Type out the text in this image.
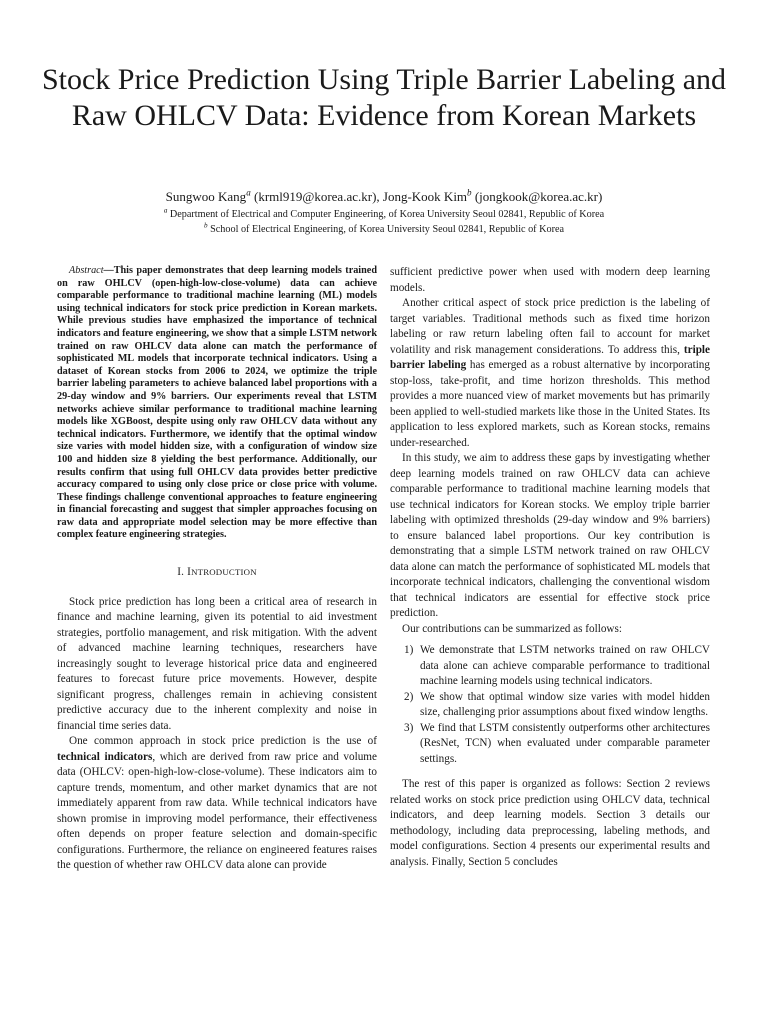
Stock Price Prediction Using Triple Barrier Labeling and Raw OHLCV Data: Evidence from Korean Markets
Sungwoo Kang$^a$ (krml919@korea.ac.kr), Jong-Kook Kim$^b$ (jongkook@korea.ac.kr)
$^a$ Department of Electrical and Computer Engineering, of Korea University Seoul 02841, Republic of Korea
$^b$ School of Electrical Engineering, of Korea University Seoul 02841, Republic of Korea

Abstract—This paper demonstrates that deep learning models trained on raw OHLCV (open-high-low-close-volume) data can achieve comparable performance to traditional machine learning (ML) models using technical indicators for stock price prediction in Korean markets. While previous studies have emphasized the importance of technical indicators and feature engineering, we show that a simple LSTM network trained on raw OHLCV data alone can match the performance of sophisticated ML models that incorporate technical indicators. Using a dataset of Korean stocks from 2006 to 2024, we optimize the triple barrier labeling parameters to achieve balanced label proportions with a 29-day window and 9% barriers. Our experiments reveal that LSTM networks achieve similar performance to traditional machine learning models like XGBoost, despite using only raw OHLCV data without any technical indicators. Furthermore, we identify that the optimal window size varies with model hidden size, with a configuration of window size 100 and hidden size 8 yielding the best performance. Additionally, our results confirm that using full OHLCV data provides better predictive accuracy compared to using only close price or close price with volume. These findings challenge conventional approaches to feature engineering in financial forecasting and suggest that simpler approaches focusing on raw data and appropriate model selection may be more effective than complex feature engineering strategies.

I. INTRODUCTION

Stock price prediction has long been a critical area of research in finance and machine learning, given its potential to aid investment strategies, portfolio management, and risk mitigation. With the advent of advanced machine learning techniques, researchers have increasingly sought to leverage historical price data and engineered features to forecast future price movements. However, despite significant progress, challenges remain in achieving consistent predictive accuracy due to the inherent complexity and noise in financial time series data.

One common approach in stock price prediction is the use of technical indicators, which are derived from raw price and volume data (OHLCV: open-high-low-close-volume). These indicators aim to capture trends, momentum, and other market dynamics that are not immediately apparent from raw data. While technical indicators have shown promise in improving model performance, their effectiveness often depends on proper feature selection and domain-specific configurations. Furthermore, the reliance on engineered features raises the question of whether raw OHLCV data alone can provide

sufficient predictive power when used with modern deep learning models.

Another critical aspect of stock price prediction is the labeling of target variables. Traditional methods such as fixed time horizon labeling or raw return labeling often fail to account for market volatility and risk management considerations. To address this, triple barrier labeling has emerged as a robust alternative by incorporating stop-loss, take-profit, and time horizon thresholds. This method provides a more nuanced view of market movements but has primarily been applied to well-studied markets like those in the United States. Its application to less explored markets, such as Korean stocks, remains under-researched.

In this study, we aim to address these gaps by investigating whether deep learning models trained on raw OHLCV data can achieve comparable performance to traditional machine learning models that use technical indicators for Korean stocks. We employ triple barrier labeling with optimized thresholds (29-day window and 9% barriers) to ensure balanced label proportions. Our key contribution is demonstrating that a simple LSTM network trained on raw OHLCV data alone can match the performance of sophisticated ML models that incorporate technical indicators, challenging the conventional wisdom that technical indicators are essential for effective stock price prediction.

Our contributions can be summarized as follows:

1) We demonstrate that LSTM networks trained on raw OHLCV data alone can achieve comparable performance to traditional machine learning models using technical indicators.
2) We show that optimal window size varies with model hidden size, challenging prior assumptions about fixed window lengths.
3) We find that LSTM consistently outperforms other architectures (ResNet, TCN) when evaluated under comparable parameter settings.

The rest of this paper is organized as follows: Section 2 reviews related works on stock price prediction using OHLCV data, technical indicators, and deep learning models. Section 3 details our methodology, including data preprocessing, labeling methods, and model configurations. Section 4 presents our experimental results and analysis. Finally, Section 5 concludes
